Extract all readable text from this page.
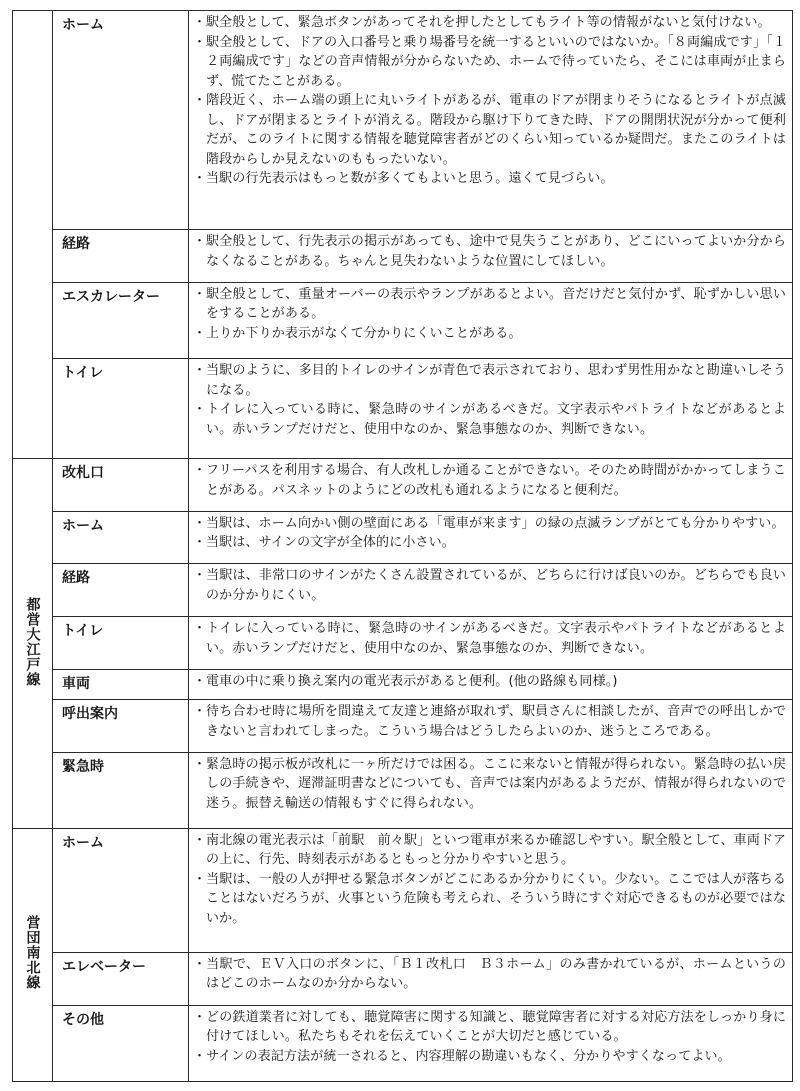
	ホーム	・ 駅全般として、緊急ボタンがあってそれを押したとしてもライト等の情報がないと気付けない。
・ 駅全般として、ドアの入口番号と乗り場番号を統一するといいのではないか。「８両編成です」「１２両編成です」などの音声情報が分からないため、ホームで待っていたら、そこには車両が止まらず、慌てたことがある。
・ 階段近く、ホーム端の頭上に丸いライトがあるが、電車のドアが閉まりそうになるとライトが点滅し、ドアが閉まるとライトが消える。階段から駆け下りてきた時、ドアの開閉状況が分かって便利だが、このライトに関する情報を聴覚障害者がどのくらい知っているか疑問だ。またこのライトは階段からしか見えないのももったいない。
・ 当駅の行先表示はもっと数が多くてもよいと思う。遠くて見づらい。

	経路	・ 駅全般として、行先表示の掲示があっても、途中で見失うことがあり、どこにいってよいか分からなくなることがある。ちゃんと見失わないような位置にしてほしい。

	エスカレーター	・ 駅全般として、重量オーバーの表示やランプがあるとよい。音だけだと気付かず、恥ずかしい思いをすることがある。
・ 上りか下りか表示がなくて分かりにくいことがある。

	トイレ	・ 当駅のように、多目的トイレのサインが青色で表示されており、思わず男性用かなと勘違いしそうになる。
・ トイレに入っている時に、緊急時のサインがあるべきだ。文字表示やパトライトなどがあるとよい。赤いランプだけだと、使用中なのか、緊急事態なのか、判断できない。

都営大江戸線	改札口	・ フリーパスを利用する場合、有人改札しか通ることができない。そのため時間がかかってしまうことがある。パスネットのようにどの改札も通れるようになると便利だ。

	ホーム	・ 当駅は、ホーム向かい側の壁面にある「電車が来ます」の緑の点滅ランプがとても分かりやすい。
・ 当駅は、サインの文字が全体的に小さい。

	経路	・ 当駅は、非常口のサインがたくさん設置されているが、どちらに行けば良いのか。どちらでも良いのか分かりにくい。

	トイレ	・ トイレに入っている時に、緊急時のサインがあるべきだ。文字表示やパトライトなどがあるとよい。赤いランプだけだと、使用中なのか、緊急事態なのか、判断できない。

	車両	・ 電車の中に乗り換え案内の電光表示があると便利。(他の路線も同様。)

	呼出案内	・ 待ち合わせ時に場所を間違えて友達と連絡が取れず、駅員さんに相談したが、音声での呼出しかできないと言われてしまった。こういう場合はどうしたらよいのか、迷うところである。

	緊急時	・ 緊急時の掲示板が改札に一ヶ所だけでは困る。ここに来ないと情報が得られない。緊急時の払い戻しの手続きや、遅滞証明書などについても、音声では案内があるようだが、情報が得られないので迷う。振替え輸送の情報もすぐに得られない。

営団南北線	ホーム	・ 南北線の電光表示は「前駅　前々駅」といつ電車が来るか確認しやすい。駅全般として、車両ドアの上に、行先、時刻表示があるともっと分かりやすいと思う。
・ 当駅は、一般の人が押せる緊急ボタンがどこにあるか分かりにくい。少ない。ここでは人が落ちることはないだろうが、火事という危険も考えられ、そういう時にすぐ対応できるものが必要ではないか。

	エレベーター	・ 当駅で、ＥＶ入口のボタンに、「Ｂ１改札口　Ｂ３ホーム」のみ書かれているが、ホームというのはどこのホームなのか分からない。

	その他	・ どの鉄道業者に対しても、聴覚障害に関する知識と、聴覚障害者に対する対応方法をしっかり身に付けてほしい。私たちもそれを伝えていくことが大切だと感じている。
・ サインの表記方法が統一されると、内容理解の勘違いもなく、分かりやすくなってよい。
